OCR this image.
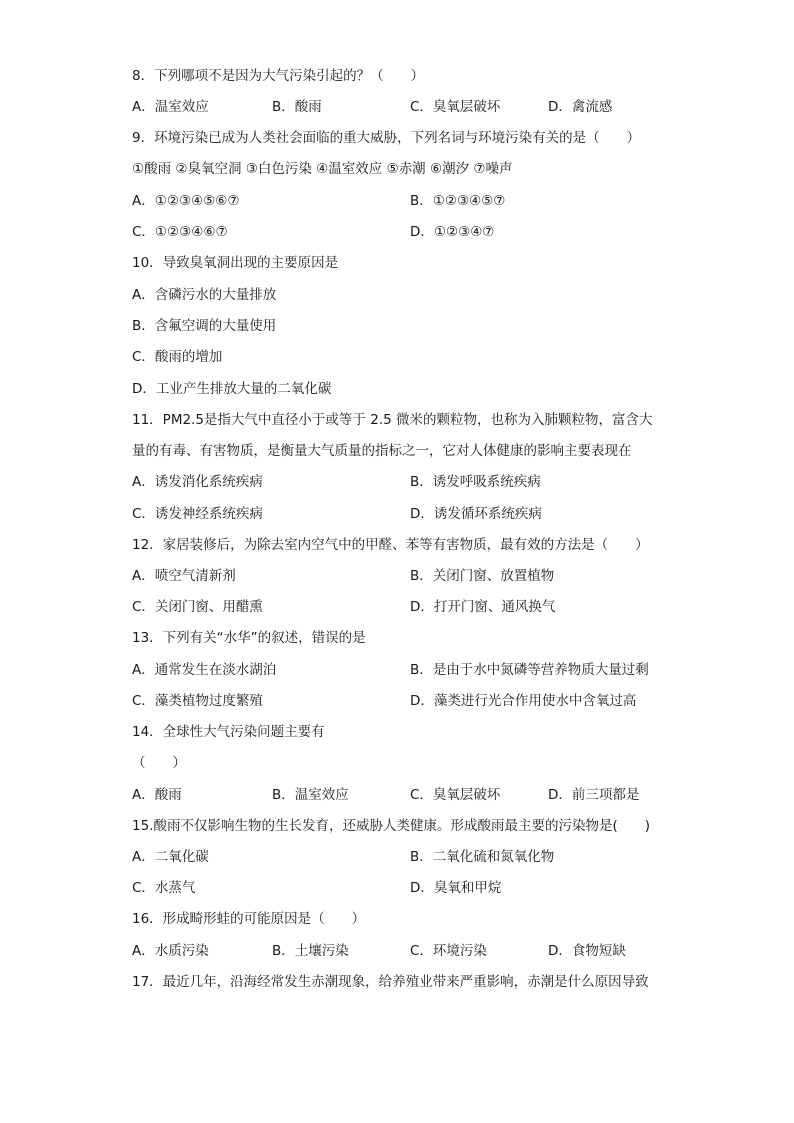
8．下列哪项不是因为大气污染引起的？（　　）
A．温室效应	B．酸雨	C．臭氧层破坏	D．禽流感
9．环境污染已成为人类社会面临的重大威胁，下列名词与环境污染有关的是（　　）
①酸雨 ②臭氧空洞 ③白色污染 ④温室效应 ⑤赤潮 ⑥潮汐 ⑦噪声
A．①②③④⑤⑥⑦	B．①②③④⑤⑦
C．①②③④⑥⑦	D．①②③④⑦
10．导致臭氧洞出现的主要原因是
A．含磷污水的大量排放
B．含氟空调的大量使用
C．酸雨的增加
D．工业产生排放大量的二氧化碳
11．PM2.5是指大气中直径小于或等于 2.5 微米的颗粒物，也称为入肺颗粒物，富含大
量的有毒、有害物质，是衡量大气质量的指标之一，它对人体健康的影响主要表现在
A．诱发消化系统疾病	B．诱发呼吸系统疾病
C．诱发神经系统疾病	D．诱发循环系统疾病
12．家居装修后，为除去室内空气中的甲醛、苯等有害物质，最有效的方法是（　　）
A．喷空气清新剂	B．关闭门窗、放置植物
C．关闭门窗、用醋熏	D．打开门窗、通风换气
13．下列有关“水华”的叙述，错误的是
A．通常发生在淡水湖泊	B．是由于水中氮磷等营养物质大量过剩
C．藻类植物过度繁殖	D．藻类进行光合作用使水中含氧过高
14．全球性大气污染问题主要有
（　　）
A．酸雨	B．温室效应	C．臭氧层破坏	D．前三项都是
15.酸雨不仅影响生物的生长发育，还威胁人类健康。形成酸雨最主要的污染物是(　　)
A．二氧化碳	B．二氧化硫和氮氧化物
C．水蒸气	D．臭氧和甲烷
16．形成畸形蛙的可能原因是（　　）
A．水质污染	B．土壤污染	C．环境污染	D．食物短缺
17．最近几年，沿海经常发生赤潮现象，给养殖业带来严重影响，赤潮是什么原因导致
